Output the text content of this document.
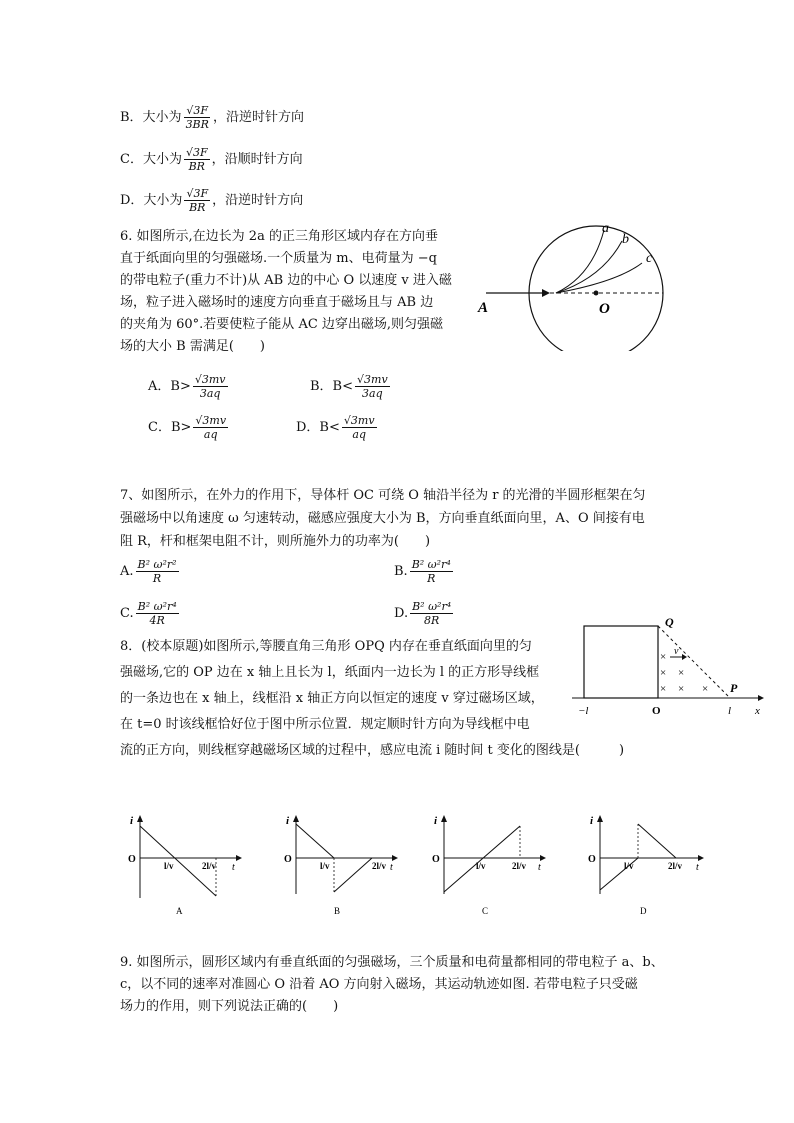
B．大小为 $\frac{√3F}{3BR}$ ，沿逆时针方向
C．大小为 $\frac{√3F}{BR}$ ，沿顺时针方向
D．大小为 $\frac{√3F}{BR}$ ，沿逆时针方向
6. 如图所示,在边长为 2a 的正三角形区域内存在方向垂
直于纸面向里的匀强磁场.一个质量为 m、电荷量为 −q
的带电粒子(重力不计)从 AB 边的中心 O 以速度 v 进入磁
场，粒子进入磁场时的速度方向垂直于磁场且与 AB 边
的夹角为 60°.若要使粒子能从 AC 边穿出磁场,则匀强磁
场的大小 B 需满足(　　)
a
b
c
A	O
A．$B> \frac{√3mv}{3aq}$	B．$B< \frac{√3mv}{3aq}$
C．$B> \frac{√3mv}{aq}$	D．$B< \frac{√3mv}{aq}$
7、如图所示，在外力的作用下，导体杆 OC 可绕 O 轴沿半径为 r 的光滑的半圆形框架在匀
强磁场中以角速度 ω 匀速转动，磁感应强度大小为 B，方向垂直纸面向里，A、O 间接有电
阻 R，杆和框架电阻不计，则所施外力的功率为(　　)
A. $\frac{\text{B² ω²r²}}{R}$	B. $\frac{\text{B² ω²r⁴}}{R}$
C. $\frac{\text{B² ω²r⁴}}{4R}$	D. $\frac{\text{B² ω²r⁴}}{8R}$
8．(校本原题)如图所示,等腰直角三角形 OPQ 内存在垂直纸面向里的匀
强磁场,它的 OP 边在 x 轴上且长为 l，纸面内一边长为 l 的正方形导线框
的一条边也在 x 轴上，线框沿 x 轴正方向以恒定的速度 v 穿过磁场区域，
在 t=0 时该线框恰好位于图中所示位置．规定顺时针方向为导线框中电
流的正方向，则线框穿越磁场区域的过程中，感应电流 i 随时间 t 变化的图线是(　　　)
Q
P
O
−l	l x
× v
× ×
× × ×
i
O
l/v	2l/v t
A
i
O
l/v	2l/v t
B
i
O
l/v	2l/v t
C
i
O
l/v	2l/v t
D
9. 如图所示，圆形区域内有垂直纸面的匀强磁场，三个质量和电荷量都相同的带电粒子 a、b、
c，以不同的速率对准圆心 O 沿着 AO 方向射入磁场，其运动轨迹如图. 若带电粒子只受磁
场力的作用，则下列说法正确的(　　)
